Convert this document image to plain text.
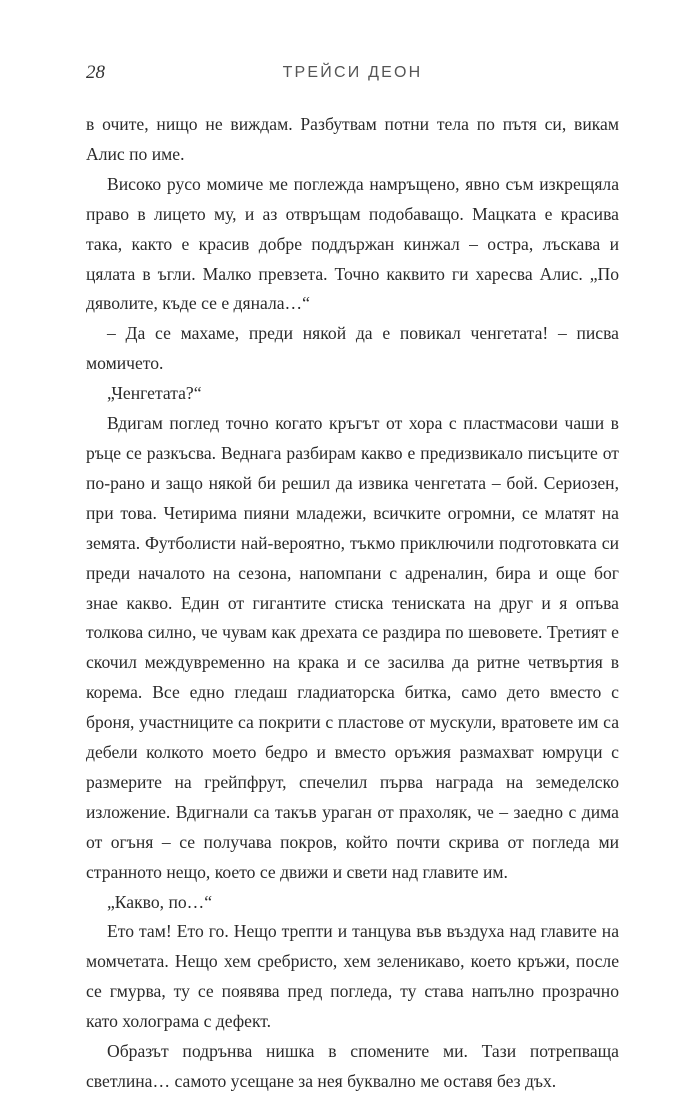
28	ТРЕЙСИ ДЕОН

в очите, нищо не виждам. Разбутвам потни тела по пътя си, викам Алис по име.

Високо русо момиче ме поглежда намръщено, явно съм изкрещяла право в лицето му, и аз отвръщам подобаващо. Мацката е красива така, както е красив добре поддържан кинжал – остра, лъскава и цялата в ъгли. Малко превзета. Точно каквито ги харесва Алис. „По дяволите, къде се е дянала…“

– Да се махаме, преди някой да е повикал ченгетата! – писва момичето.

„Ченгетата?“

Вдигам поглед точно когато кръгът от хора с пластмасови чаши в ръце се разкъсва. Веднага разбирам какво е предизвикало писъците от по-рано и защо някой би решил да извика ченгетата – бой. Сериозен, при това. Четирима пияни младежи, всичките огромни, се млатят на земята. Футболисти най-вероятно, тъкмо приключили подготовката си преди началото на сезона, напомпани с адреналин, бира и още бог знае какво. Един от гигантите стиска тениската на друг и я опъва толкова силно, че чувам как дрехата се раздира по шевовете. Третият е скочил междувременно на крака и се засилва да ритне четвъртия в корема. Все едно гледаш гладиаторска битка, само дето вместо с броня, участниците са покрити с пластове от мускули, вратовете им са дебели колкото моето бедро и вместо оръжия размахват юмруци с размерите на грейпфрут, спечелил първа награда на земеделско изложение. Вдигнали са такъв ураган от прахоляк, че – заедно с дима от огъня – се получава покров, който почти скрива от погледа ми странното нещо, което се движи и свети над главите им.

„Какво, по…“

Ето там! Ето го. Нещо трепти и танцува във въздуха над главите на момчетата. Нещо хем сребристо, хем зеленикаво, което кръжи, после се гмурва, ту се появява пред погледа, ту става напълно прозрачно като холограма с дефект.

Образът подрънва нишка в спомените ми. Тази потрепваща светлина… самото усещане за нея буквално ме оставя без дъх.
